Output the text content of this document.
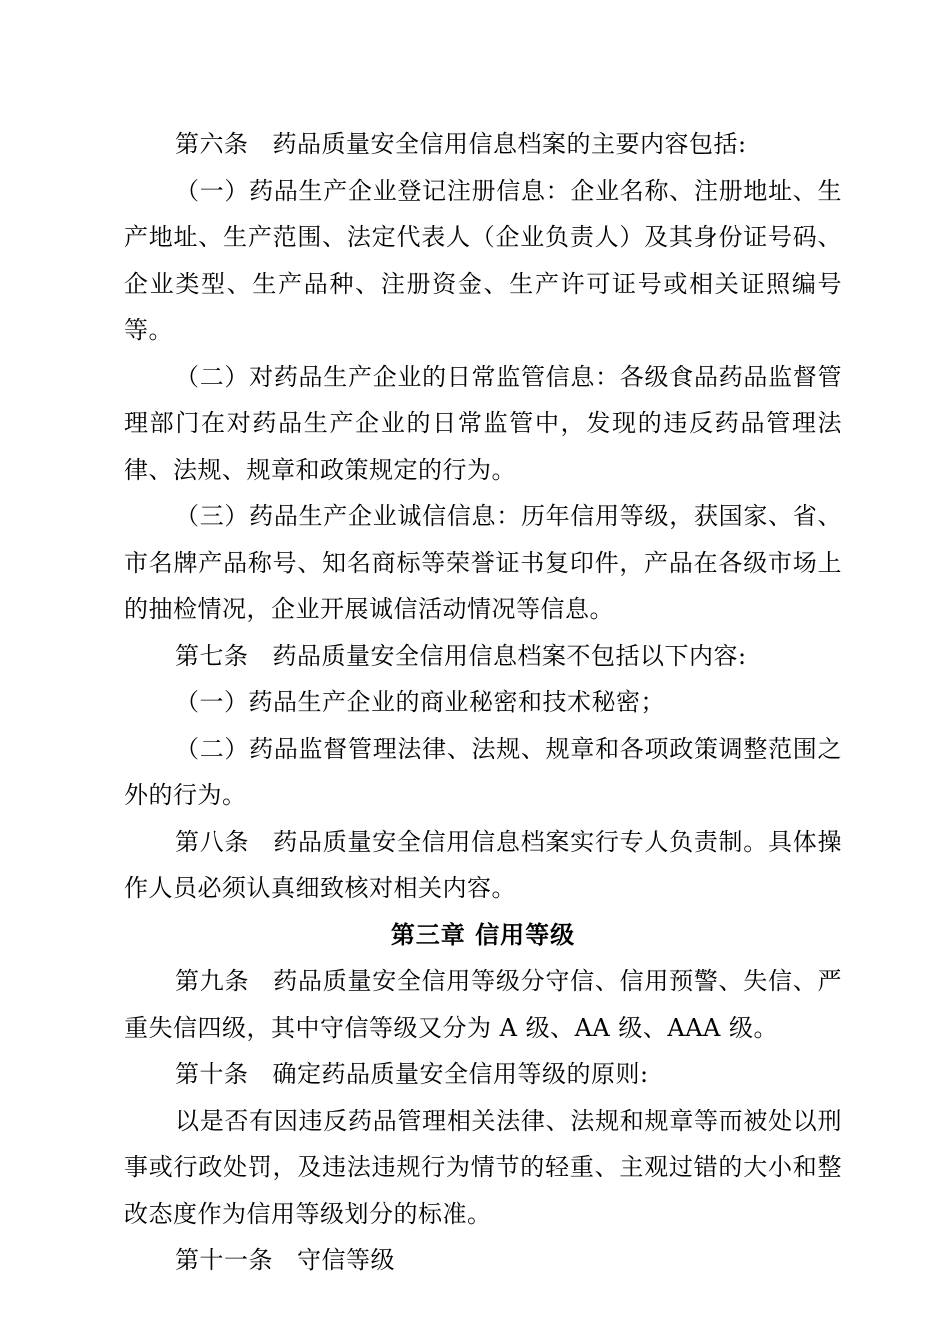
第六条 药品质量安全信用信息档案的主要内容包括:

（一）药品生产企业登记注册信息：企业名称、注册地址、生产地址、生产范围、法定代表人（企业负责人）及其身份证号码、企业类型、生产品种、注册资金、生产许可证号或相关证照编号等。

（二）对药品生产企业的日常监管信息：各级食品药品监督管理部门在对药品生产企业的日常监管中，发现的违反药品管理法律、法规、规章和政策规定的行为。

（三）药品生产企业诚信信息：历年信用等级，获国家、省、市名牌产品称号、知名商标等荣誉证书复印件，产品在各级市场上的抽检情况，企业开展诚信活动情况等信息。

第七条 药品质量安全信用信息档案不包括以下内容:

（一）药品生产企业的商业秘密和技术秘密；

（二）药品监督管理法律、法规、规章和各项政策调整范围之外的行为。

第八条 药品质量安全信用信息档案实行专人负责制。具体操作人员必须认真细致核对相关内容。

第三章 信用等级

第九条 药品质量安全信用等级分守信、信用预警、失信、严重失信四级，其中守信等级又分为 A 级、AA 级、AAA 级。

第十条 确定药品质量安全信用等级的原则:

以是否有因违反药品管理相关法律、法规和规章等而被处以刑事或行政处罚，及违法违规行为情节的轻重、主观过错的大小和整改态度作为信用等级划分的标准。

第十一条 守信等级
